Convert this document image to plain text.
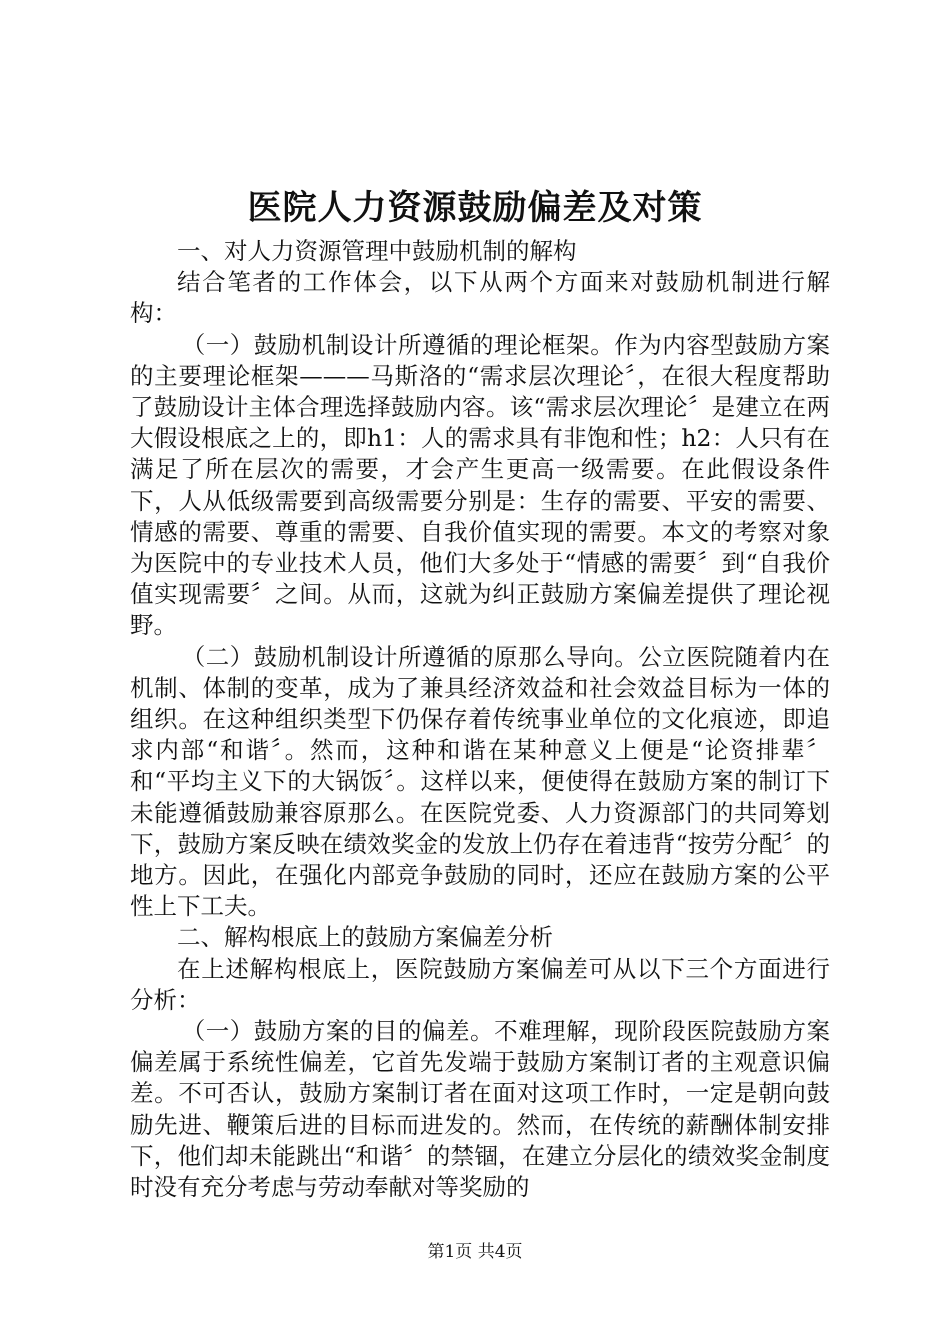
医院人力资源鼓励偏差及对策

一、对人力资源管理中鼓励机制的解构

结合笔者的工作体会，以下从两个方面来对鼓励机制进行解构：

（一）鼓励机制设计所遵循的理论框架。作为内容型鼓励方案的主要理论框架———马斯洛的“需求层次理论〞，在很大程度帮助了鼓励设计主体合理选择鼓励内容。该“需求层次理论〞是建立在两大假设根底之上的，即h1：人的需求具有非饱和性；h2：人只有在满足了所在层次的需要，才会产生更高一级需要。在此假设条件下，人从低级需要到高级需要分别是：生存的需要、平安的需要、情感的需要、尊重的需要、自我价值实现的需要。本文的考察对象为医院中的专业技术人员，他们大多处于“情感的需要〞到“自我价值实现需要〞之间。从而，这就为纠正鼓励方案偏差提供了理论视野。

（二）鼓励机制设计所遵循的原那么导向。公立医院随着内在机制、体制的变革，成为了兼具经济效益和社会效益目标为一体的组织。在这种组织类型下仍保存着传统事业单位的文化痕迹，即追求内部“和谐〞。然而，这种和谐在某种意义上便是“论资排辈〞和“平均主义下的大锅饭〞。这样以来，便使得在鼓励方案的制订下未能遵循鼓励兼容原那么。在医院党委、人力资源部门的共同筹划下，鼓励方案反映在绩效奖金的发放上仍存在着违背“按劳分配〞的地方。因此，在强化内部竞争鼓励的同时，还应在鼓励方案的公平性上下工夫。

二、解构根底上的鼓励方案偏差分析

在上述解构根底上，医院鼓励方案偏差可从以下三个方面进行分析：

（一）鼓励方案的目的偏差。不难理解，现阶段医院鼓励方案偏差属于系统性偏差，它首先发端于鼓励方案制订者的主观意识偏差。不可否认，鼓励方案制订者在面对这项工作时，一定是朝向鼓励先进、鞭策后进的目标而进发的。然而，在传统的薪酬体制安排下，他们却未能跳出“和谐〞的禁锢，在建立分层化的绩效奖金制度时没有充分考虑与劳动奉献对等奖励的

第1页 共4页
